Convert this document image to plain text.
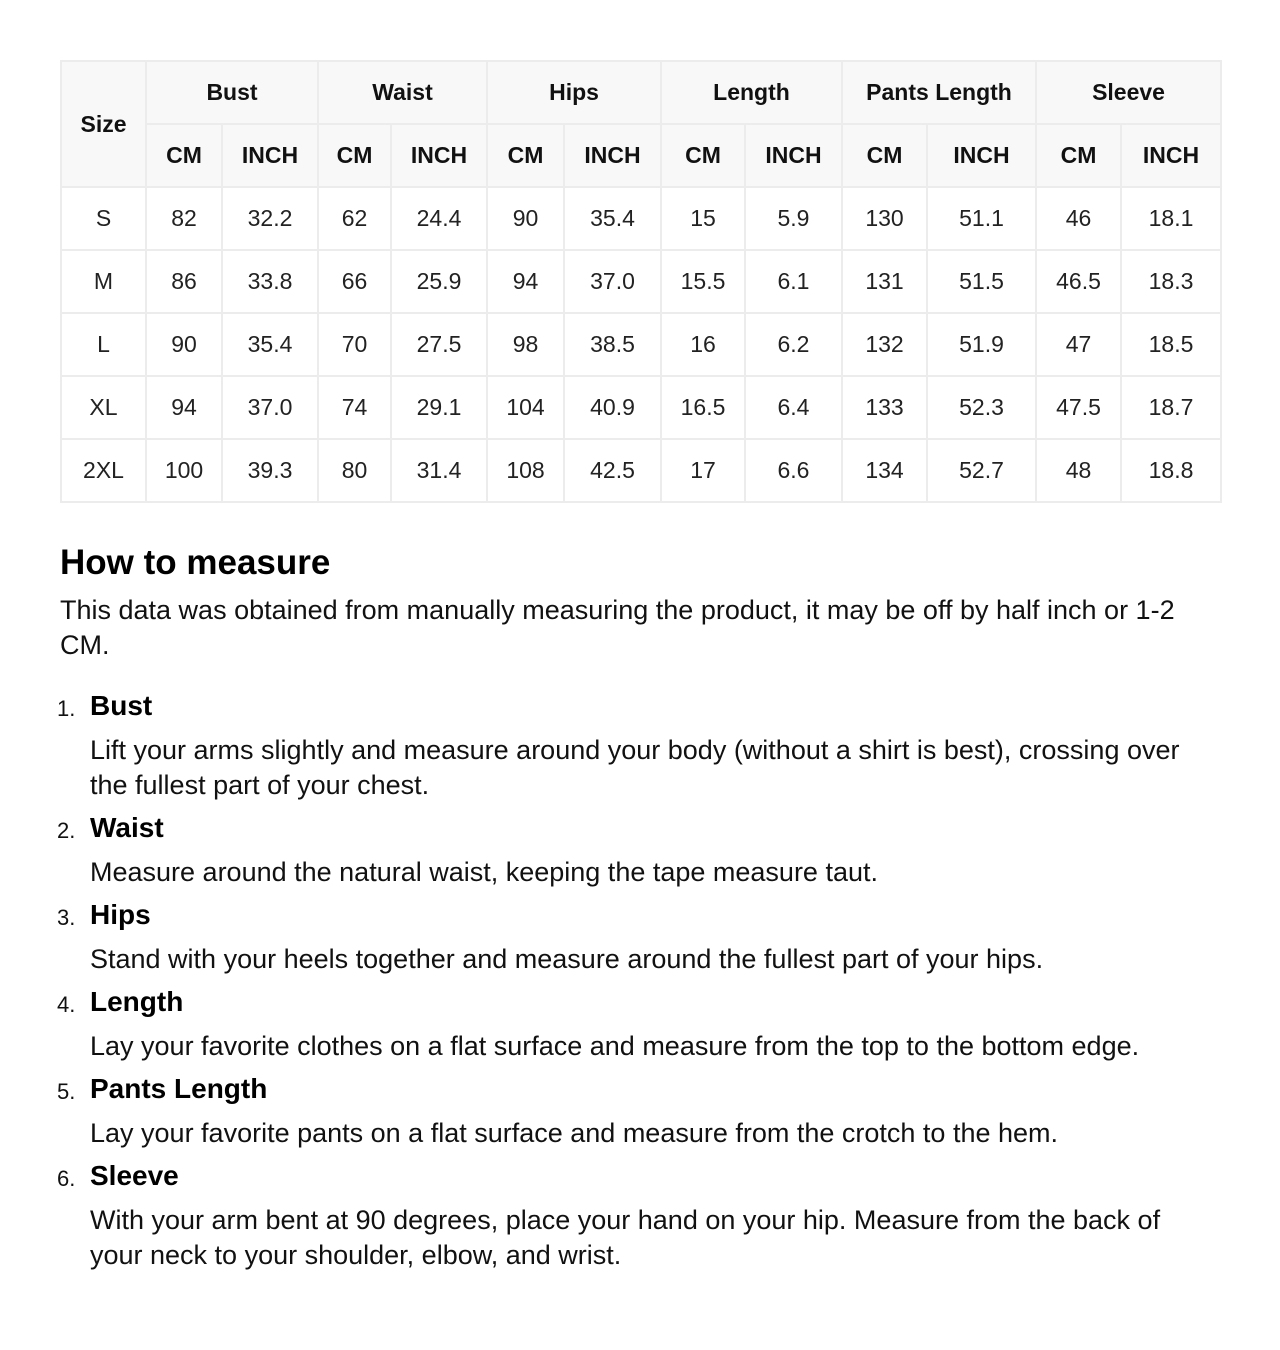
Size	Bust		Waist		Hips		Length		Pants Length		Sleeve	
	CM	INCH	CM	INCH	CM	INCH	CM	INCH	CM	INCH	CM	INCH
S	82	32.2	62	24.4	90	35.4	15	5.9	130	51.1	46	18.1
M	86	33.8	66	25.9	94	37.0	15.5	6.1	131	51.5	46.5	18.3
L	90	35.4	70	27.5	98	38.5	16	6.2	132	51.9	47	18.5
XL	94	37.0	74	29.1	104	40.9	16.5	6.4	133	52.3	47.5	18.7
2XL	100	39.3	80	31.4	108	42.5	17	6.6	134	52.7	48	18.8
How to measure

This data was obtained from manually measuring the product, it may be off by half inch or 1-2 CM.

1. Bust
Lift your arms slightly and measure around your body (without a shirt is best), crossing over the fullest part of your chest.
2. Waist
Measure around the natural waist, keeping the tape measure taut.
3. Hips
Stand with your heels together and measure around the fullest part of your hips.
4. Length
Lay your favorite clothes on a flat surface and measure from the top to the bottom edge.
5. Pants Length
Lay your favorite pants on a flat surface and measure from the crotch to the hem.
6. Sleeve
With your arm bent at 90 degrees, place your hand on your hip. Measure from the back of your neck to your shoulder, elbow, and wrist.
